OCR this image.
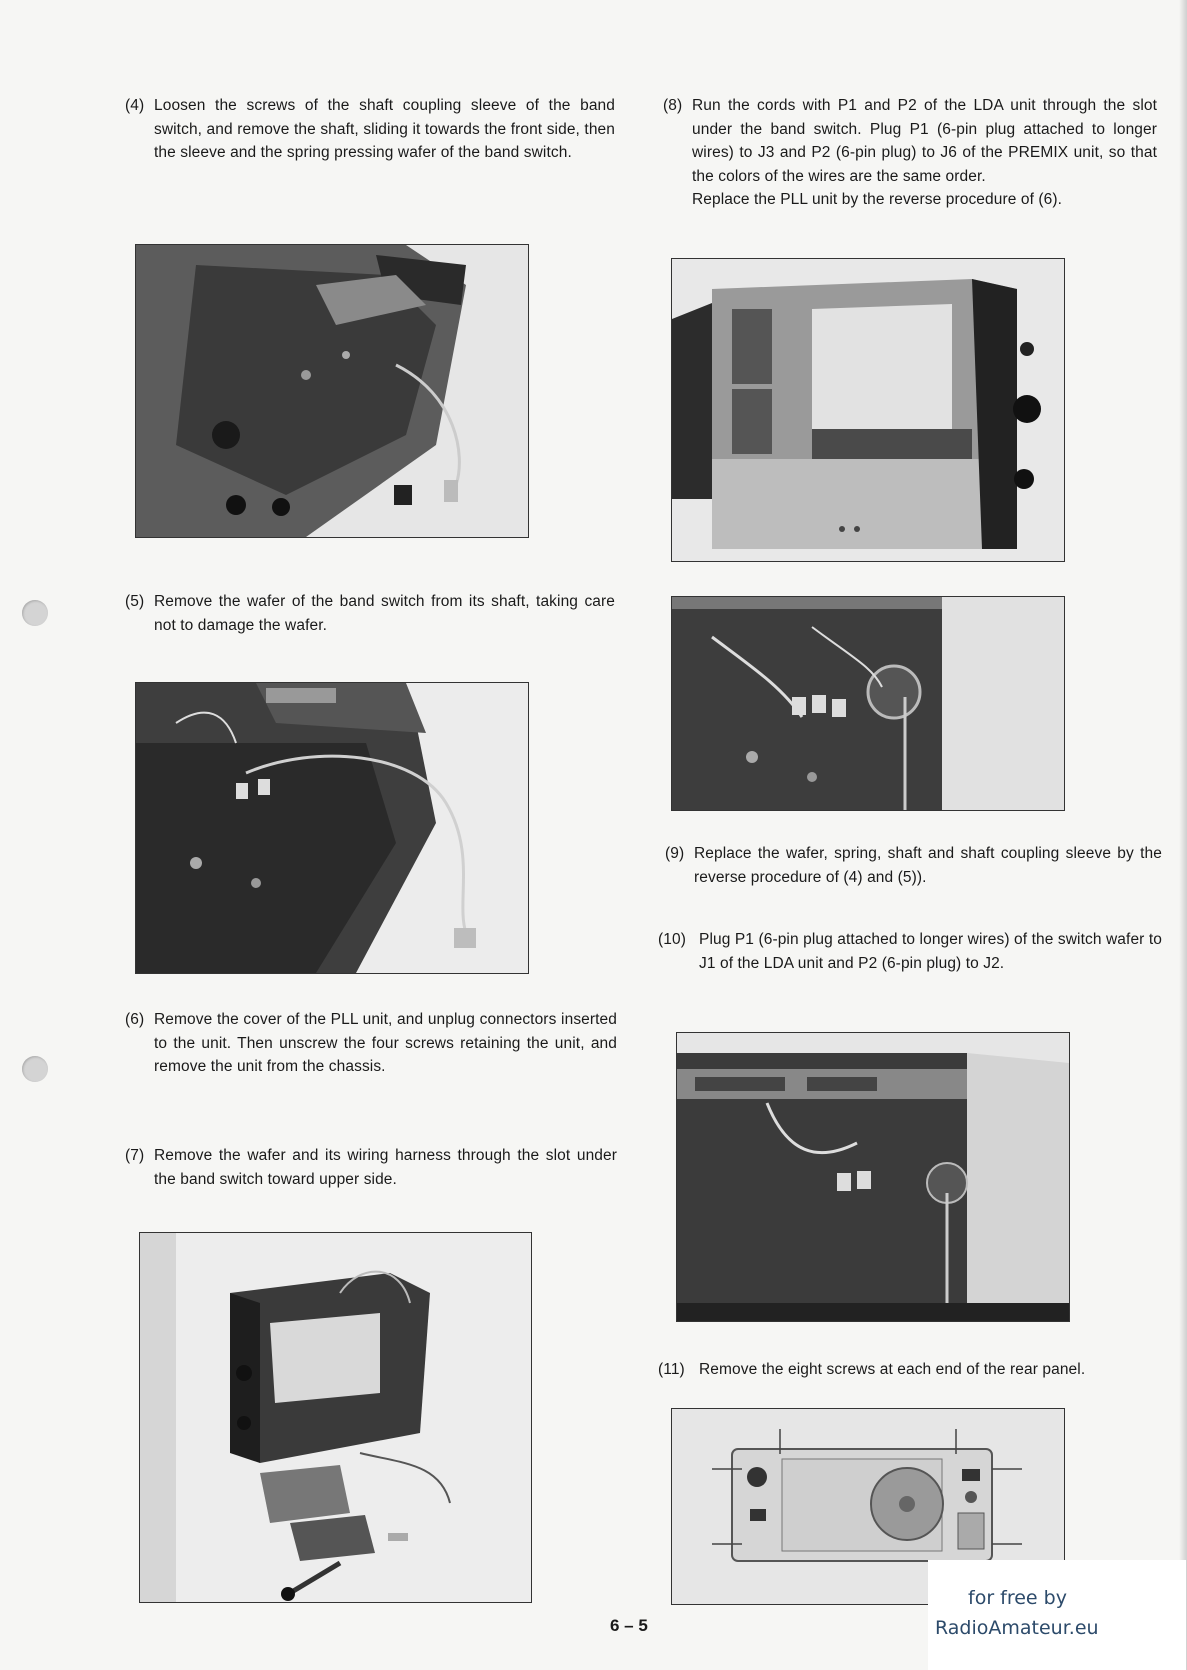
(4) Loosen the screws of the shaft coupling sleeve of the band switch, and remove the shaft, sliding it towards the front side, then the sleeve and the spring pressing wafer of the band switch.
(5) Remove the wafer of the band switch from its shaft, taking care not to damage the wafer.
(6) Remove the cover of the PLL unit, and unplug connectors inserted to the unit. Then unscrew the four screws retaining the unit, and remove the unit from the chassis.
(7) Remove the wafer and its wiring harness through the slot under the band switch toward upper side.
(8) Run the cords with P1 and P2 of the LDA unit through the slot under the band switch. Plug P1 (6-pin plug attached to longer wires) to J3 and P2 (6-pin plug) to J6 of the PREMIX unit, so that the colors of the wires are the same order.
Replace the PLL unit by the reverse procedure of (6).
(9) Replace the wafer, spring, shaft and shaft coupling sleeve by the reverse procedure of (4) and (5)).
(10) Plug P1 (6-pin plug attached to longer wires) of the switch wafer to J1 of the LDA unit and P2 (6-pin plug) to J2.
(11) Remove the eight screws at each end of the rear panel.
6 – 5
for free by
RadioAmateur.eu
